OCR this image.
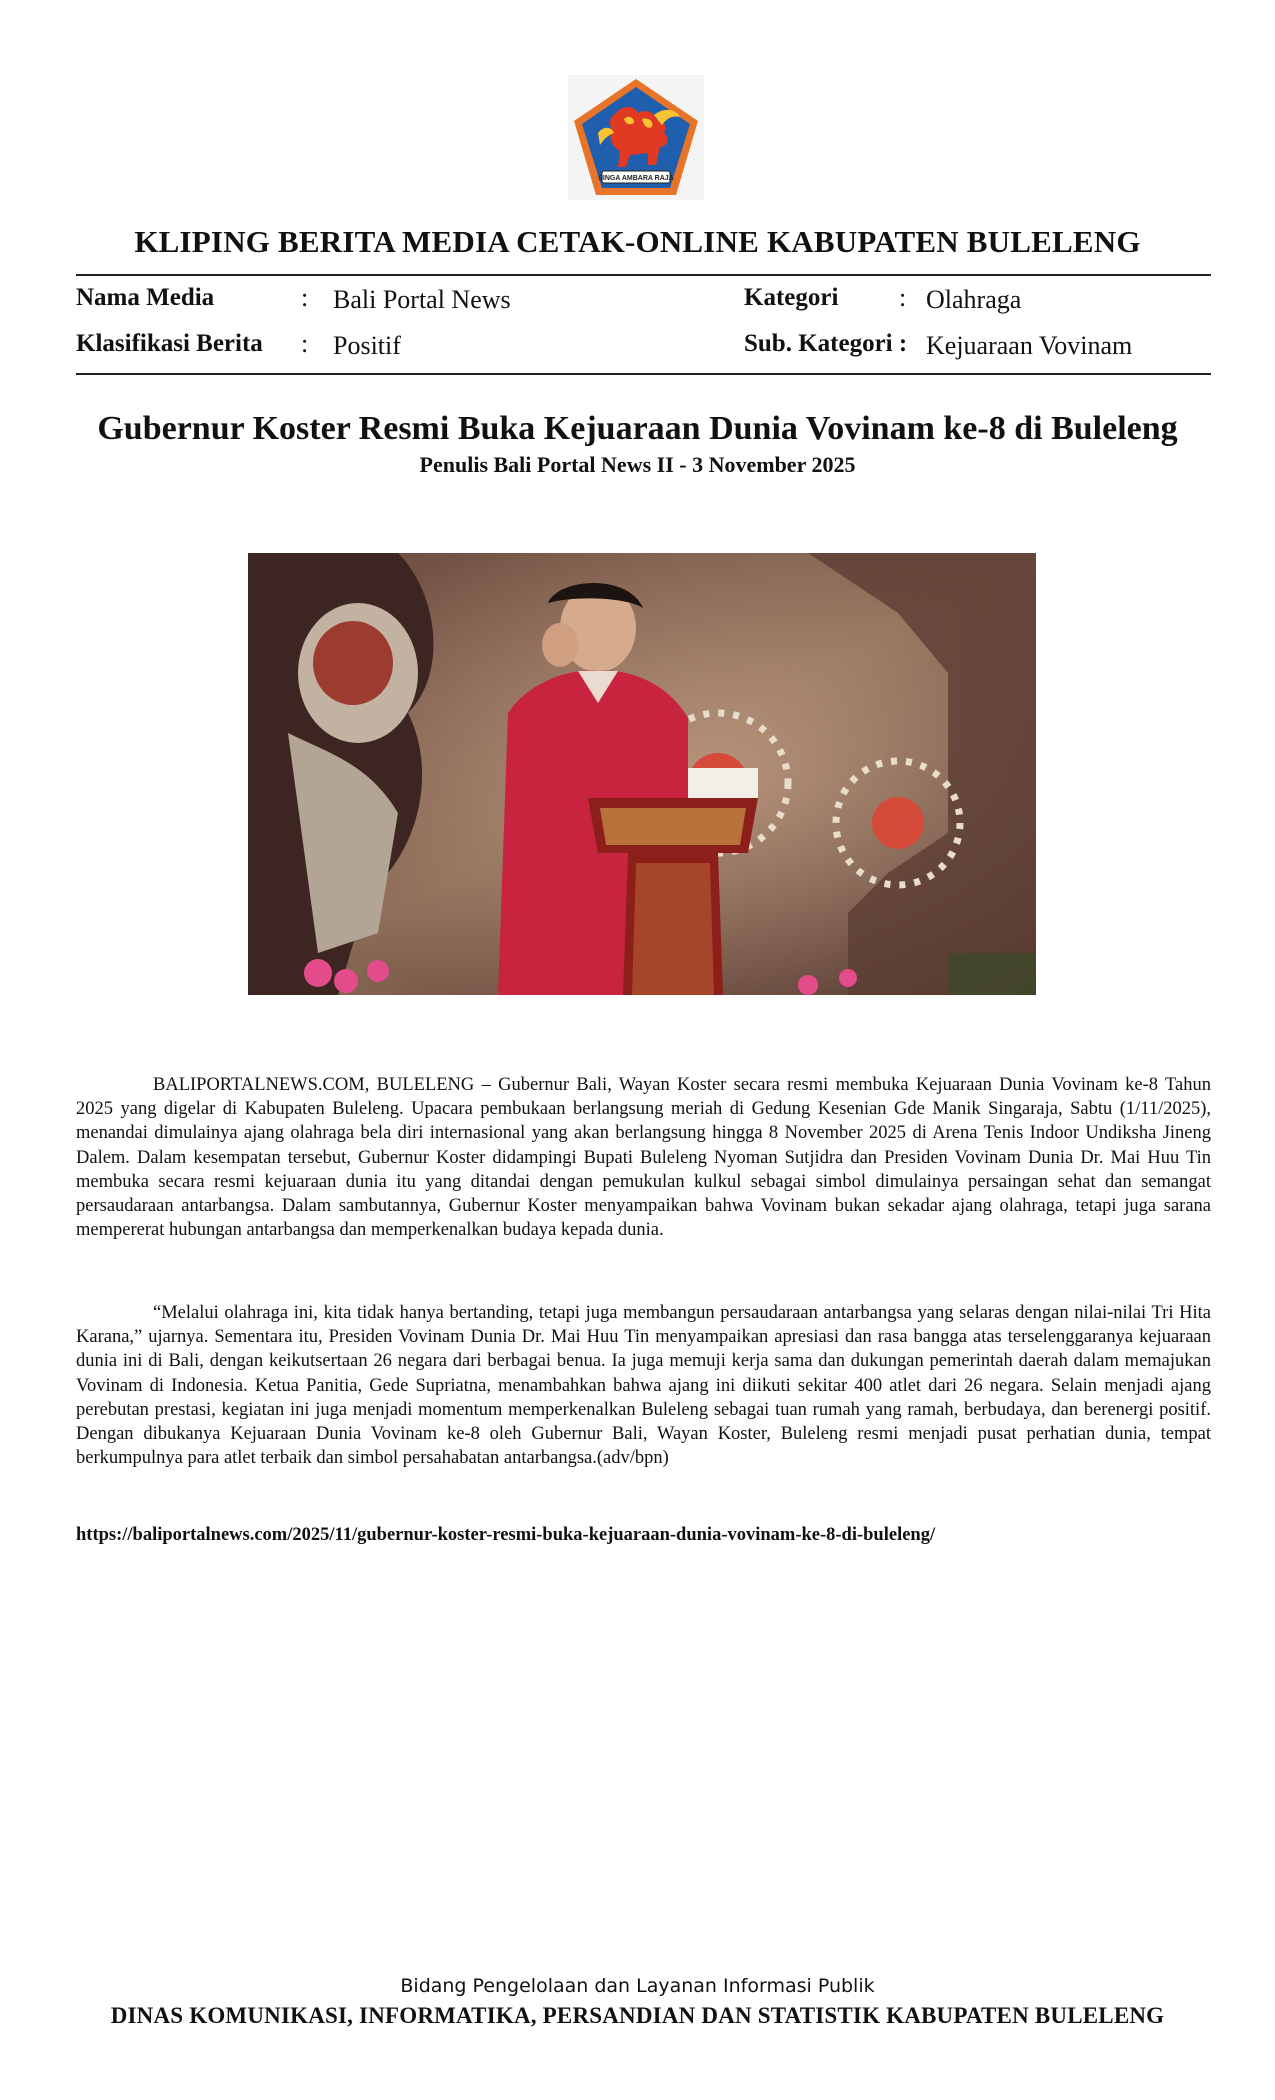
SINGA AMBARA RAJA
KLIPING BERITA MEDIA CETAK-ONLINE KABUPATEN BULELENG
Nama Media	: Bali Portal News
Klasifikasi Berita : Positif
Kategori : Olahraga
Sub. Kategori : Kejuaraan Vovinam
Gubernur Koster Resmi Buka Kejuaraan Dunia Vovinam ke-8 di Buleleng
Penulis Bali Portal News II - 3 November 2025

BALIPORTALNEWS.COM, BULELENG – Gubernur Bali, Wayan Koster secara resmi membuka Kejuaraan Dunia Vovinam ke-8 Tahun 2025 yang digelar di Kabupaten Buleleng. Upacara pembukaan berlangsung meriah di Gedung Kesenian Gde Manik Singaraja, Sabtu (1/11/2025), menandai dimulainya ajang olahraga bela diri internasional yang akan berlangsung hingga 8 November 2025 di Arena Tenis Indoor Undiksha Jineng Dalem. Dalam kesempatan tersebut, Gubernur Koster didampingi Bupati Buleleng Nyoman Sutjidra dan Presiden Vovinam Dunia Dr. Mai Huu Tin membuka secara resmi kejuaraan dunia itu yang ditandai dengan pemukulan kulkul sebagai simbol dimulainya persaingan sehat dan semangat persaudaraan antarbangsa. Dalam sambutannya, Gubernur Koster menyampaikan bahwa Vovinam bukan sekadar ajang olahraga, tetapi juga sarana mempererat hubungan antarbangsa dan memperkenalkan budaya kepada dunia.

“Melalui olahraga ini, kita tidak hanya bertanding, tetapi juga membangun persaudaraan antarbangsa yang selaras dengan nilai-nilai Tri Hita Karana,” ujarnya. Sementara itu, Presiden Vovinam Dunia Dr. Mai Huu Tin menyampaikan apresiasi dan rasa bangga atas terselenggaranya kejuaraan dunia ini di Bali, dengan keikutsertaan 26 negara dari berbagai benua. Ia juga memuji kerja sama dan dukungan pemerintah daerah dalam memajukan Vovinam di Indonesia. Ketua Panitia, Gede Supriatna, menambahkan bahwa ajang ini diikuti sekitar 400 atlet dari 26 negara. Selain menjadi ajang perebutan prestasi, kegiatan ini juga menjadi momentum memperkenalkan Buleleng sebagai tuan rumah yang ramah, berbudaya, dan berenergi positif. Dengan dibukanya Kejuaraan Dunia Vovinam ke-8 oleh Gubernur Bali, Wayan Koster, Buleleng resmi menjadi pusat perhatian dunia, tempat berkumpulnya para atlet terbaik dan simbol persahabatan antarbangsa.(adv/bpn)

https://baliportalnews.com/2025/11/gubernur-koster-resmi-buka-kejuaraan-dunia-vovinam-ke-8-di-buleleng/
Bidang Pengelolaan dan Layanan Informasi Publik
DINAS KOMUNIKASI, INFORMATIKA, PERSANDIAN DAN STATISTIK KABUPATEN BULELENG
